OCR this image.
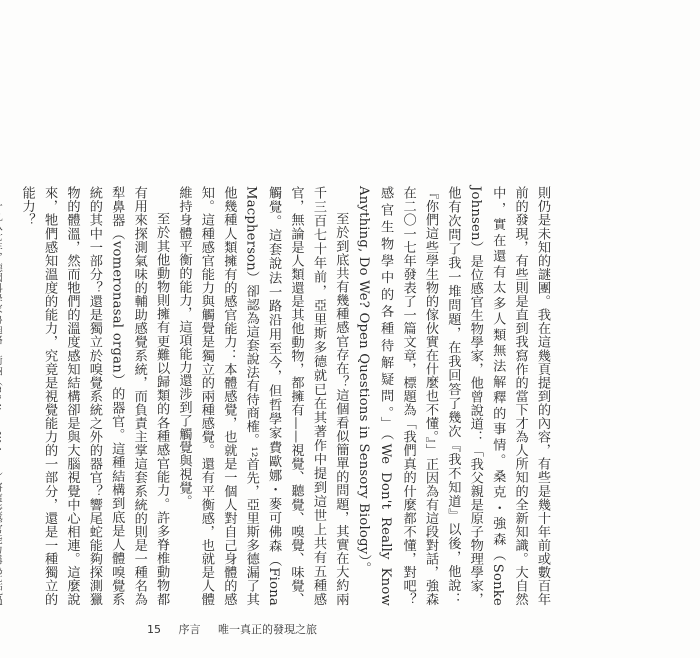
則仍是未知的謎團。我在這幾頁提到的內容，有些是幾十年前或數百年前的發現，有些則是直到我寫作的當下才為人所知的全新知識。大自然中，實在還有太多人類無法解釋的事情。桑克・強森（Sonke Johnsen）是位感官生物學家，他曾說道：「我父親是原子物理學家，他有次問了我一堆問題，在我回答了幾次『我不知道』以後，他說：『你們這些學生物的傢伙實在什麼也不懂。』」正因為有這段對話，強森在二〇一七年發表了一篇文章，標題為「我們真的什麼都不懂，對吧？感官生物學中的各種待解疑問。」（We Don't Really Know Anything, Do We? Open Questions in Sensory Biology）。

至於到底共有幾種感官存在？這個看似簡單的問題，其實在大約兩千三百七十年前，亞里斯多德就已在其著作中提到這世上共有五種感官，無論是人類還是其他動物，都擁有——視覺、聽覺、嗅覺、味覺、觸覺。這套說法一路沿用至今，但哲學家費歐娜・麥可佛森（Fiona Macpherson）卻認為這套說法有待商榷。¹²首先，亞里斯多德漏了其他幾種人類擁有的感官能力：本體感覺，也就是一個人對自己身體的感知。這種感官能力與觸覺是獨立的兩種感覺。還有平衡感，也就是人體維持身體平衡的能力，這項能力還涉到了觸覺與視覺。

至於其他動物則擁有更難以歸類的各種感官能力。許多脊椎動物都有用來探測氣味的輔助感覺系統，而負責主掌這套系統的則是一種名為犁鼻器（vomeronasal organ）的器官。這種結構到底是人體嗅覺系統的其中一部分？還是獨立於嗅覺系統之外的器官？響尾蛇能夠探測獵物的體溫，然而牠們的溫度感知結構卻是與大腦視覺中心相連。這麼說來，牠們感知溫度的能力，究竟是視覺能力的一部分，還是一種獨立的能力？

15 序言 唯一真正的發現之旅
